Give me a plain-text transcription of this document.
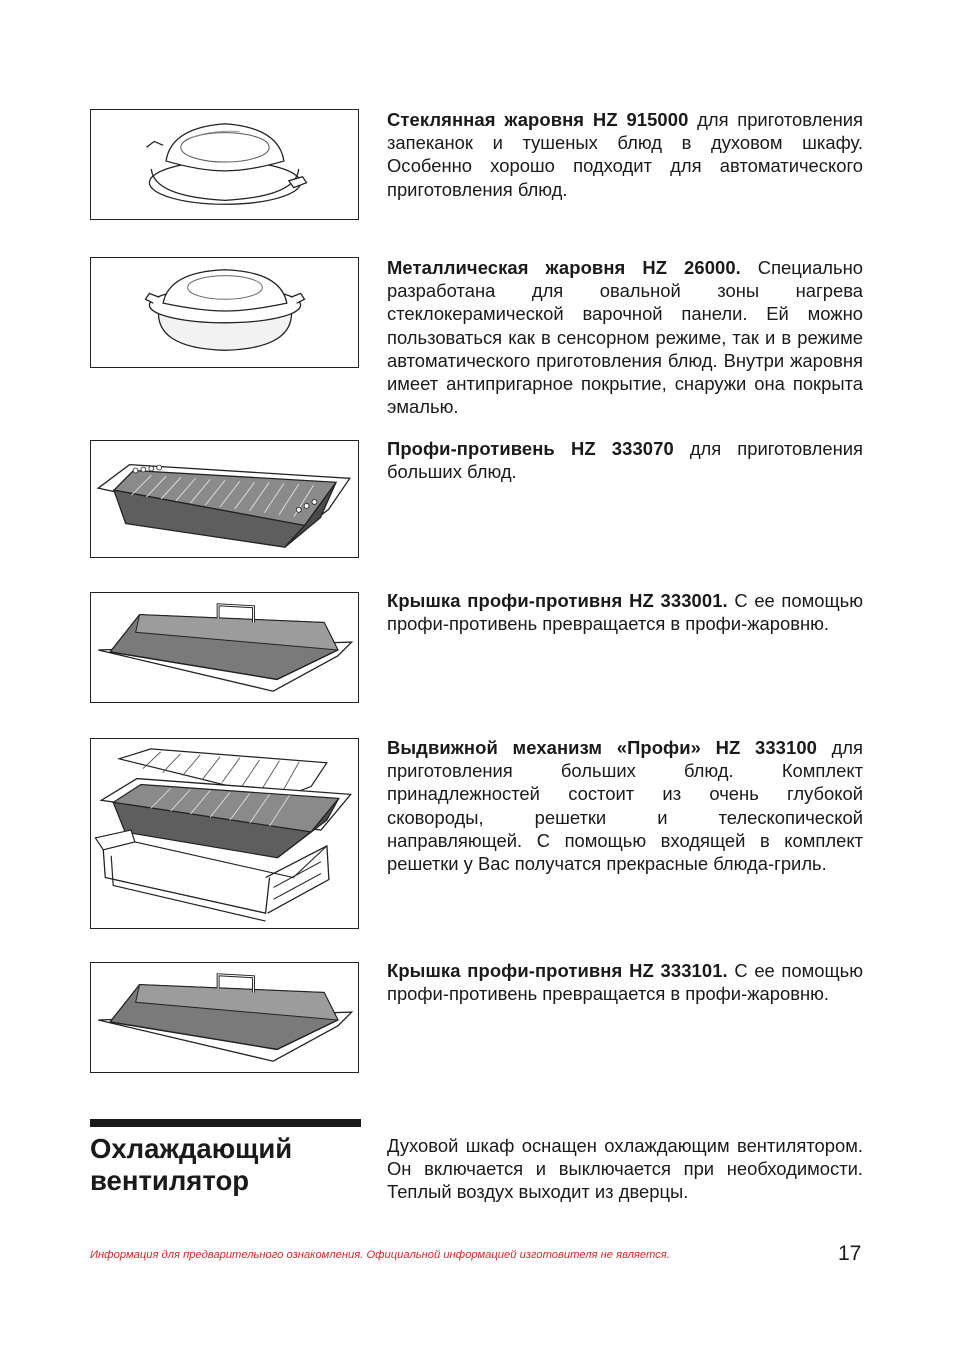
Стеклянная жаровня HZ 915000 для приготовления запеканок и тушеных блюд в духовом шкафу. Особенно хорошо подходит для автоматического приготовления блюд.

Металлическая жаровня HZ 26000. Специально разработана для овальной зоны нагрева стеклокерамической варочной панели. Ей можно пользоваться как в сенсорном режиме, так и в режиме автоматического приготовления блюд. Внутри жаровня имеет антипригарное покрытие, снаружи она покрыта эмалью.

Профи-противень HZ 333070 для приготовления больших блюд.

Крышка профи-противня HZ 333001. С ее помощью профи-противень превращается в профи-жаровню.

Выдвижной механизм «Профи» HZ 333100 для приготовления больших блюд. Комплект принадлежностей состоит из очень глубокой сковороды, решетки и телескопической направляющей. С помощью входящей в комплект решетки у Вас получатся прекрасные блюда-гриль.

Крышка профи-противня HZ 333101. С ее помощью профи-противень превращается в профи-жаровню.

Охлаждающий
вентилятор

Духовой шкаф оснащен охлаждающим вентилятором. Он включается и выключается при необходимости. Теплый воздух выходит из дверцы.

Информация для предварительного ознакомления. Официальной информацией изготовителя не является.	17
